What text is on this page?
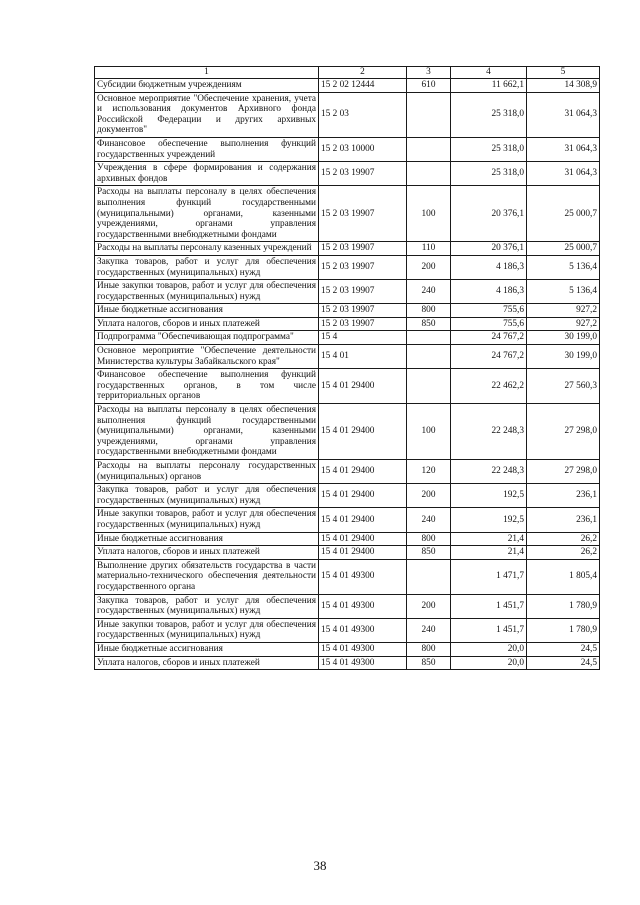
1	2	3	4	5
Субсидии бюджетным учреждениям	15 2 02 12444	610	11 662,1	14 308,9
Основное мероприятие "Обеспечение хранения, учета и использования документов Архивного фонда Российской Федерации и других архивных документов"	15 2 03		25 318,0	31 064,3
Финансовое обеспечение выполнения функций государственных учреждений	15 2 03 10000		25 318,0	31 064,3
Учреждения в сфере формирования и содержания архивных фондов	15 2 03 19907		25 318,0	31 064,3
Расходы на выплаты персоналу в целях обеспечения выполнения функций государственными (муниципальными) органами, казенными учреждениями, органами управления государственными внебюджетными фондами	15 2 03 19907	100	20 376,1	25 000,7
Расходы на выплаты персоналу казенных учреждений	15 2 03 19907	110	20 376,1	25 000,7
Закупка товаров, работ и услуг для обеспечения государственных (муниципальных) нужд	15 2 03 19907	200	4 186,3	5 136,4
Иные закупки товаров, работ и услуг для обеспечения государственных (муниципальных) нужд	15 2 03 19907	240	4 186,3	5 136,4
Иные бюджетные ассигнования	15 2 03 19907	800	755,6	927,2
Уплата налогов, сборов и иных платежей	15 2 03 19907	850	755,6	927,2
Подпрограмма "Обеспечивающая подпрограмма"	15 4		24 767,2	30 199,0
Основное мероприятие "Обеспечение деятельности Министерства культуры Забайкальского края"	15 4 01		24 767,2	30 199,0
Финансовое обеспечение выполнения функций государственных органов, в том числе территориальных органов	15 4 01 29400		22 462,2	27 560,3
Расходы на выплаты персоналу в целях обеспечения выполнения функций государственными (муниципальными) органами, казенными учреждениями, органами управления государственными внебюджетными фондами	15 4 01 29400	100	22 248,3	27 298,0
Расходы на выплаты персоналу государственных (муниципальных) органов	15 4 01 29400	120	22 248,3	27 298,0
Закупка товаров, работ и услуг для обеспечения государственных (муниципальных) нужд	15 4 01 29400	200	192,5	236,1
Иные закупки товаров, работ и услуг для обеспечения государственных (муниципальных) нужд	15 4 01 29400	240	192,5	236,1
Иные бюджетные ассигнования	15 4 01 29400	800	21,4	26,2
Уплата налогов, сборов и иных платежей	15 4 01 29400	850	21,4	26,2
Выполнение других обязательств государства в части материально-технического обеспечения деятельности государственного органа	15 4 01 49300		1 471,7	1 805,4
Закупка товаров, работ и услуг для обеспечения государственных (муниципальных) нужд	15 4 01 49300	200	1 451,7	1 780,9
Иные закупки товаров, работ и услуг для обеспечения государственных (муниципальных) нужд	15 4 01 49300	240	1 451,7	1 780,9
Иные бюджетные ассигнования	15 4 01 49300	800	20,0	24,5
Уплата налогов, сборов и иных платежей	15 4 01 49300	850	20,0	24,5
38
